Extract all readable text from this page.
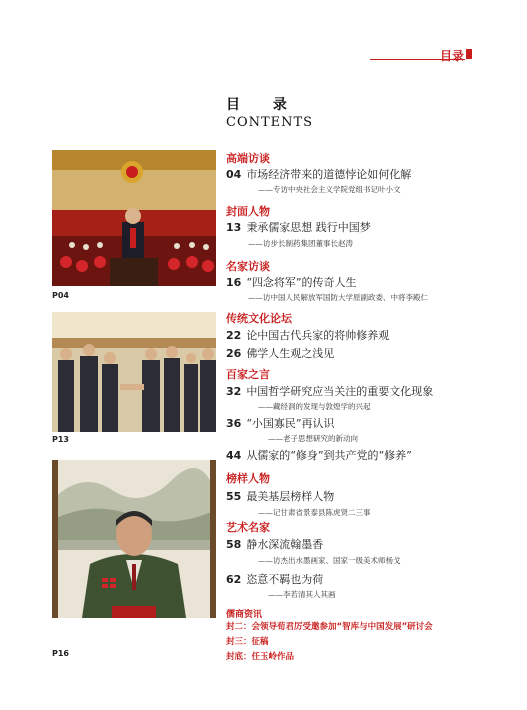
目录
目 录
CONTENTS
P04
P13
P16
高端访谈
04 市场经济带来的道德悖论如何化解
——专访中央社会主义学院党组书记叶小文
封面人物
13 秉承儒家思想 践行中国梦
——访步长制药集团董事长赵涛
名家访谈
16 “四念将军”的传奇人生
——访中国人民解放军国防大学原副政委、中将李殿仁
传统文化论坛
22 论中国古代兵家的将帅修养观
26 佛学人生观之浅见
百家之言
32 中国哲学研究应当关注的重要文化现象
——藏经洞的发现与敦煌学的兴起
36 “小国寡民”再认识
——老子思想研究的新动向
44 从儒家的“修身”到共产党的“修养”
榜样人物
55 最美基层榜样人物
——记甘肃省景泰县陈虎贤二三事
艺术名家
58 静水深流翰墨香
——访杰出水墨画家、国家一级美术师杨戈
62 恣意不羁也为荷
——李若清其人其画
儒商资讯
封二：会领导荀君厉受邀参加“智库与中国发展”研讨会
封三：征稿
封底：任玉岭作品
